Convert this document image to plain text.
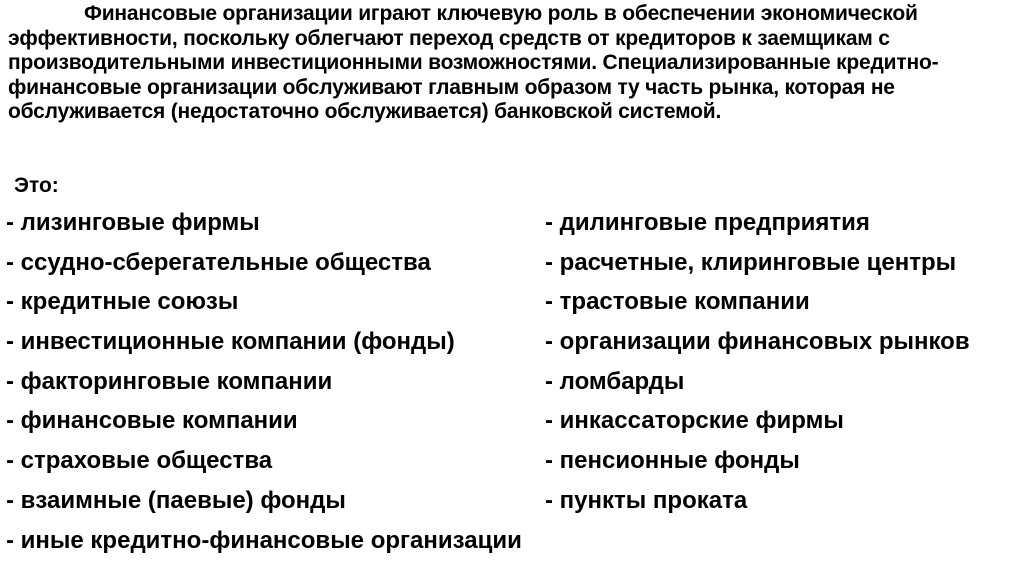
Финансовые организации играют ключевую роль в обеспечении экономической эффективности, поскольку облегчают переход средств от кредиторов к заемщикам с производительными инвестиционными возможностями. Специализированные кредитно-финансовые организации обслуживают главным образом ту часть рынка, которая не обслуживается (недостаточно обслуживается) банковской системой.

Это:

- лизинговые фирмы
- ссудно-сберегательные общества
- кредитные союзы
- инвестиционные компании (фонды)
- факторинговые компании
- финансовые компании
- страховые общества
- взаимные (паевые) фонды
- иные кредитно-финансовые организации
- дилинговые предприятия
- расчетные, клиринговые центры
- трастовые компании
- организации финансовых рынков
- ломбарды
- инкассаторские фирмы
- пенсионные фонды
- пункты проката
